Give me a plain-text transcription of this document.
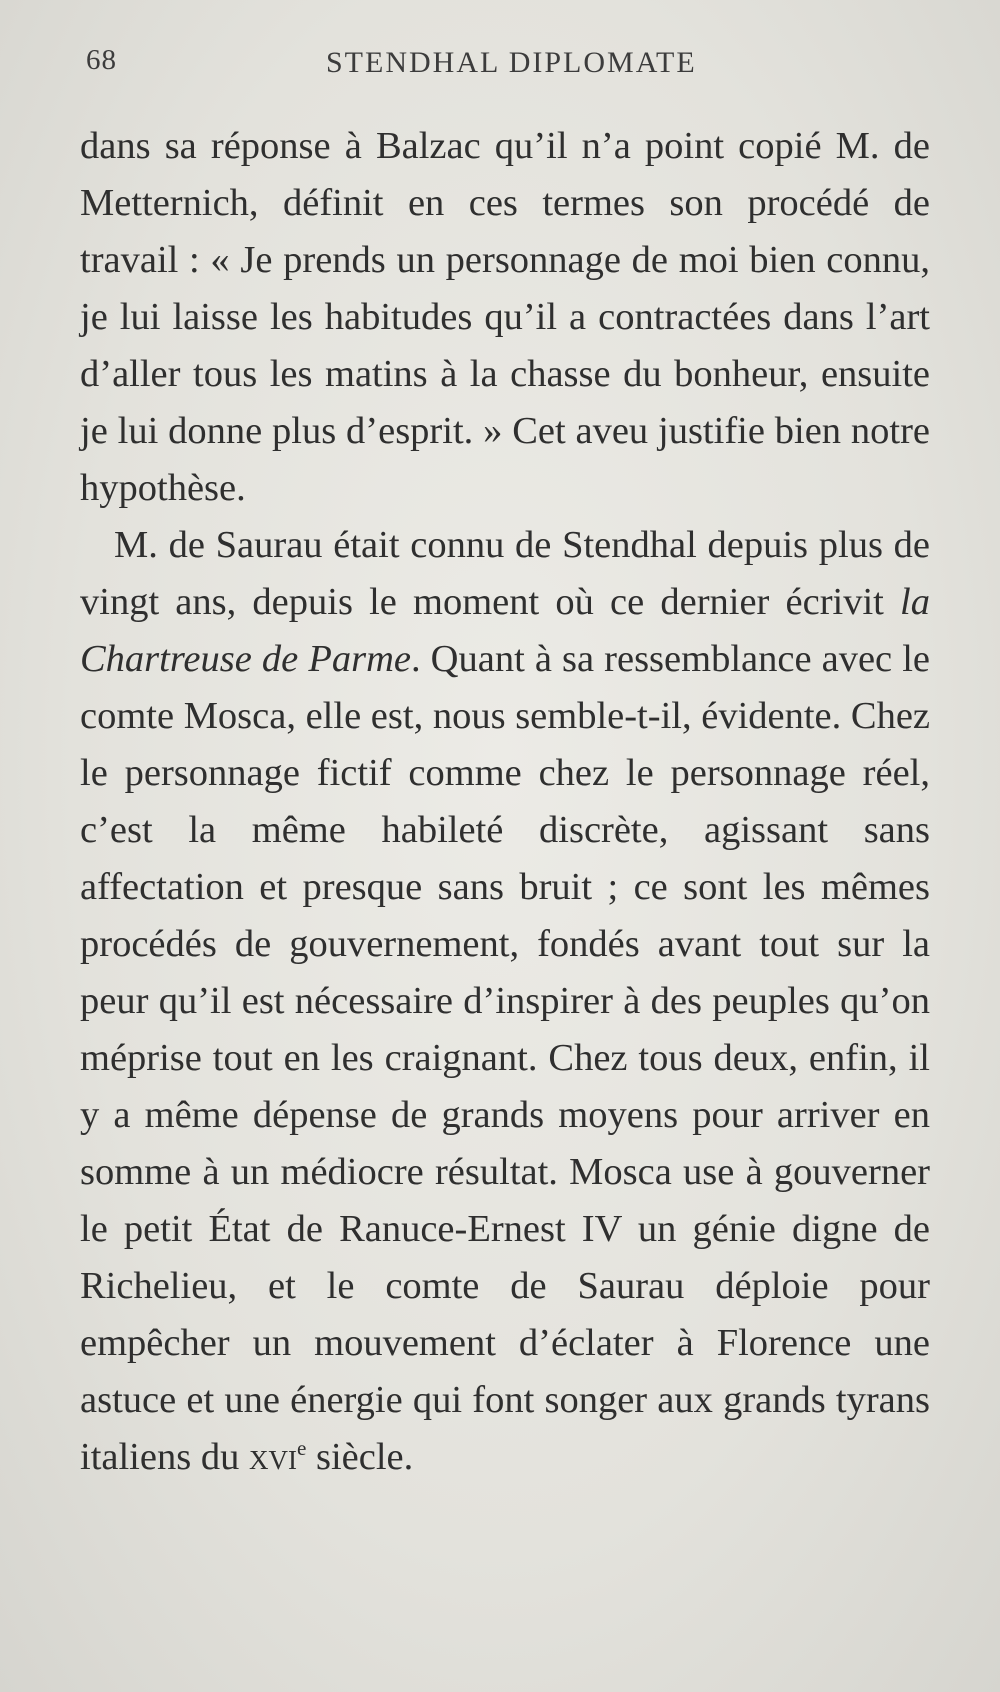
68	STENDHAL DIPLOMATE

dans sa réponse à Balzac qu’il n’a point copié M. de Metternich, définit en ces termes son procédé de travail : « Je prends un personnage de moi bien connu, je lui laisse les habitudes qu’il a contractées dans l’art d’aller tous les matins à la chasse du bonheur, ensuite je lui donne plus d’esprit. » Cet aveu justifie bien notre hypothèse.

M. de Saurau était connu de Stendhal depuis plus de vingt ans, depuis le moment où ce dernier écrivit la Chartreuse de Parme. Quant à sa ressemblance avec le comte Mosca, elle est, nous semble-t-il, évidente. Chez le personnage fictif comme chez le personnage réel, c’est la même habileté discrète, agissant sans affectation et presque sans bruit ; ce sont les mêmes procédés de gouvernement, fondés avant tout sur la peur qu’il est nécessaire d’inspirer à des peuples qu’on méprise tout en les craignant. Chez tous deux, enfin, il y a même dépense de grands moyens pour arriver en somme à un médiocre résultat. Mosca use à gouverner le petit État de Ranuce-Ernest IV un génie digne de Richelieu, et le comte de Saurau déploie pour empêcher un mouvement d’éclater à Florence une astuce et une énergie qui font songer aux grands tyrans italiens du xvi$^e$ siècle.
